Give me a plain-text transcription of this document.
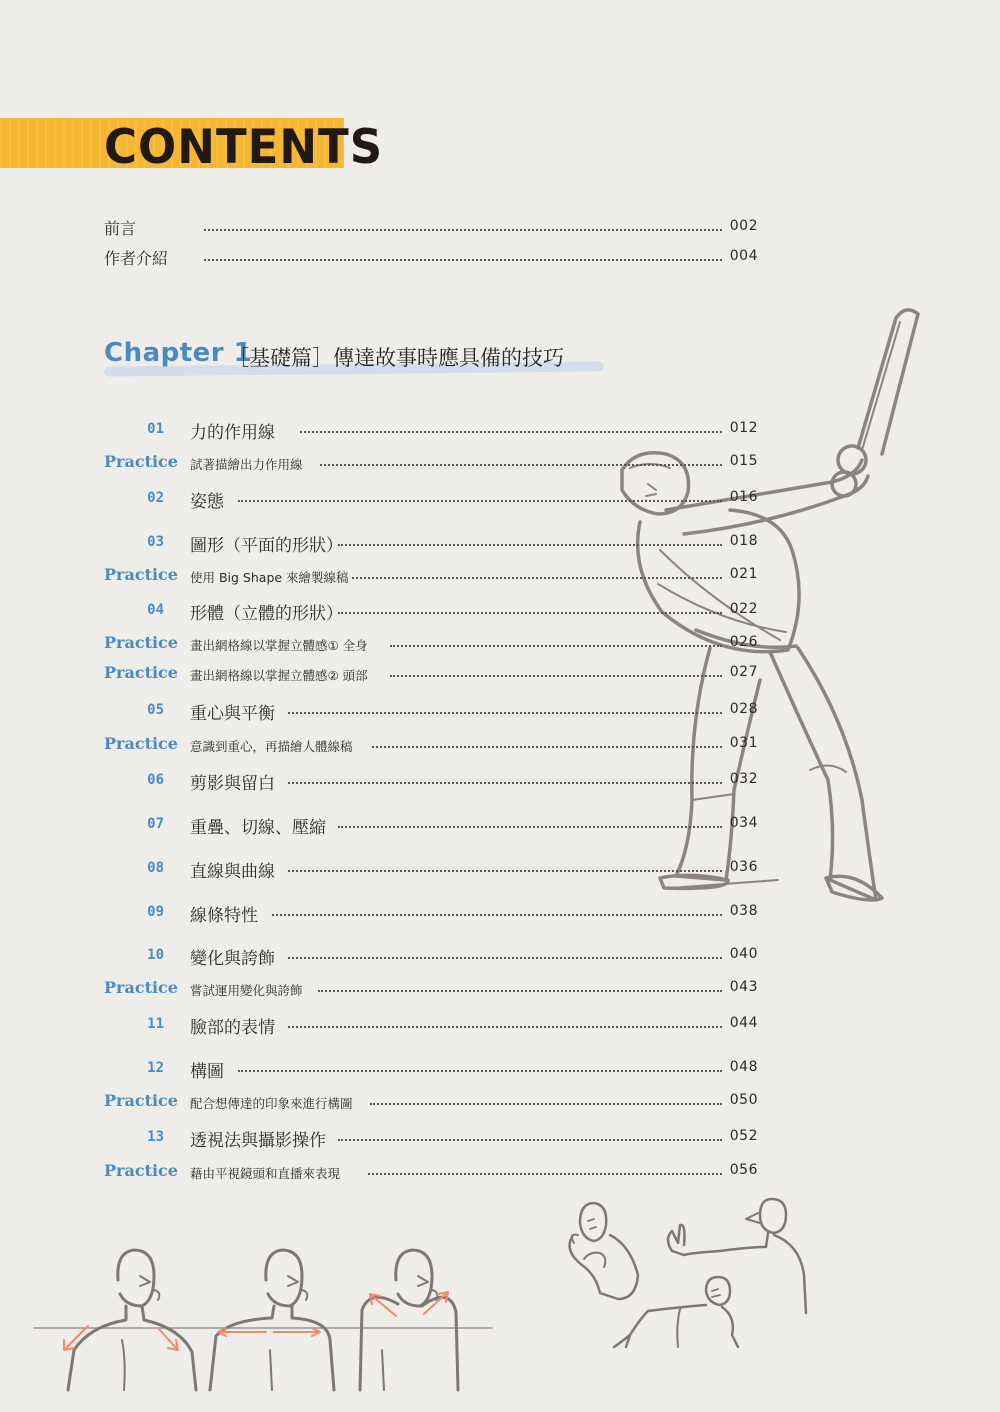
CONTENTS
前言	002
作者介紹	004
Chapter 1
［基礎篇］傳達故事時應具備的技巧
01 力的作用線	012
Practice 試著描繪出力作用線	015
02 姿態	016
03 圖形（平面的形狀）	018
Practice 使用 Big Shape 來繪製線稿	021
04 形體（立體的形狀）	022
Practice 畫出網格線以掌握立體感① 全身	026
Practice 畫出網格線以掌握立體感② 頭部	027
05 重心與平衡	028
Practice 意識到重心，再描繪人體線稿	031
06 剪影與留白	032
07 重疊、切線、壓縮	034
08 直線與曲線	036
09 線條特性	038
10 變化與誇飾	040
Practice 嘗試運用變化與誇飾	043
11 臉部的表情	044
12 構圖	048
Practice 配合想傳達的印象來進行構圖	050
13 透視法與攝影操作	052
Practice 藉由平視鏡頭和直播來表現	056
